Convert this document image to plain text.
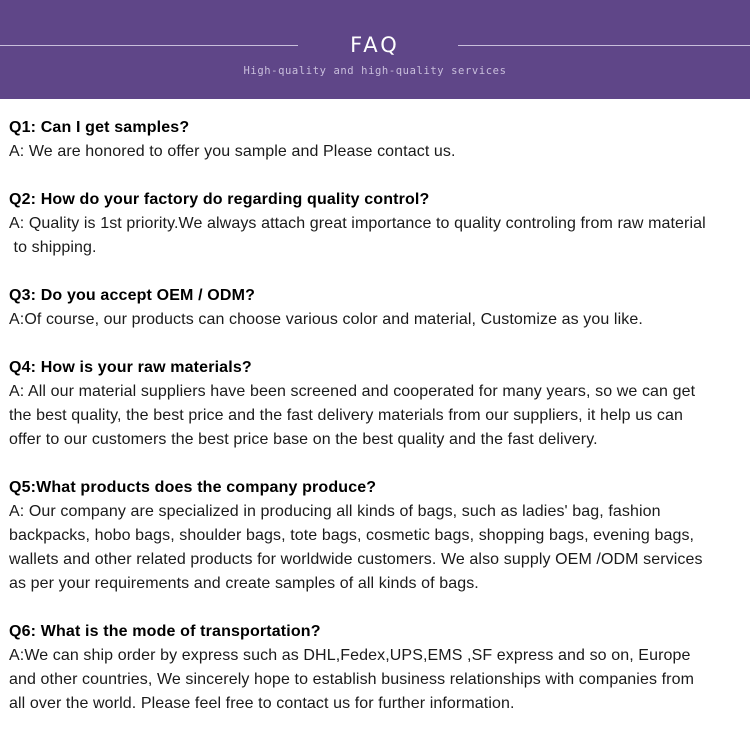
FAQ
High-quality and high-quality services
Q1: Can I get samples?
A: We are honored to offer you sample and Please contact us.
Q2: How do your factory do regarding quality control?
A: Quality is 1st priority.We always attach great importance to quality controling from raw material
to shipping.
Q3: Do you accept OEM / ODM?
A:Of course, our products can choose various color and material, Customize as you like.
Q4: How is your raw materials?
A: All our material suppliers have been screened and cooperated for many years, so we can get
the best quality, the best price and the fast delivery materials from our suppliers, it help us can
offer to our customers the best price base on the best quality and the fast delivery.
Q5:What products does the company produce?
A: Our company are specialized in producing all kinds of bags, such as ladies' bag, fashion
backpacks, hobo bags, shoulder bags, tote bags, cosmetic bags, shopping bags, evening bags,
wallets and other related products for worldwide customers. We also supply OEM /ODM services
as per your requirements and create samples of all kinds of bags.
Q6: What is the mode of transportation?
A:We can ship order by express such as DHL,Fedex,UPS,EMS ,SF express and so on, Europe
and other countries, We sincerely hope to establish business relationships with companies from
all over the world. Please feel free to contact us for further information.
